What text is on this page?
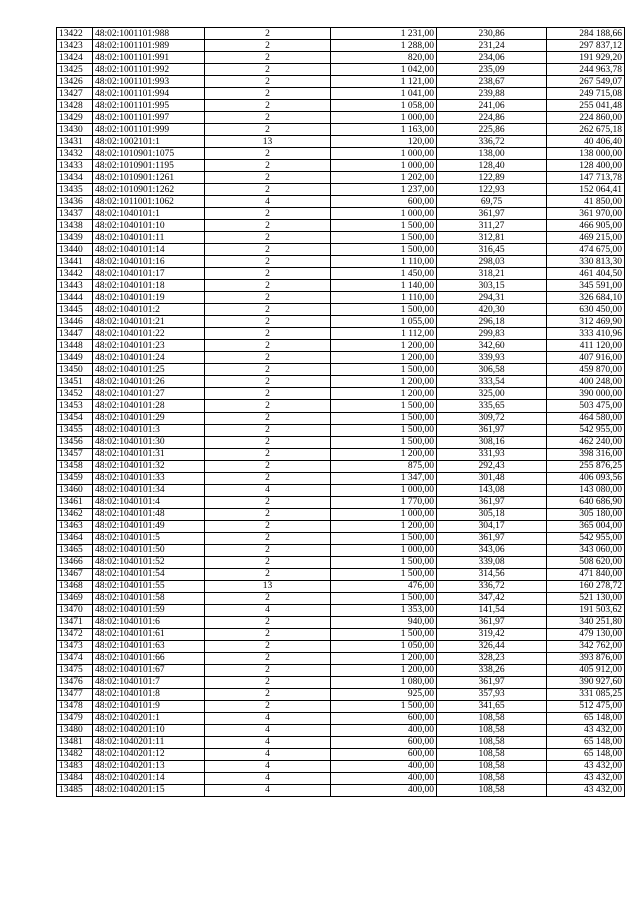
13422	48:02:1001101:988	2	1 231,00	230,86	284 188,66
13423	48:02:1001101:989	2	1 288,00	231,24	297 837,12
13424	48:02:1001101:991	2	820,00	234,06	191 929,20
13425	48:02:1001101:992	2	1 042,00	235,09	244 963,78
13426	48:02:1001101:993	2	1 121,00	238,67	267 549,07
13427	48:02:1001101:994	2	1 041,00	239,88	249 715,08
13428	48:02:1001101:995	2	1 058,00	241,06	255 041,48
13429	48:02:1001101:997	2	1 000,00	224,86	224 860,00
13430	48:02:1001101:999	2	1 163,00	225,86	262 675,18
13431	48:02:1002101:1	13	120,00	336,72	40 406,40
13432	48:02:1010901:1075	2	1 000,00	138,00	138 000,00
13433	48:02:1010901:1195	2	1 000,00	128,40	128 400,00
13434	48:02:1010901:1261	2	1 202,00	122,89	147 713,78
13435	48:02:1010901:1262	2	1 237,00	122,93	152 064,41
13436	48:02:1011001:1062	4	600,00	69,75	41 850,00
13437	48:02:1040101:1	2	1 000,00	361,97	361 970,00
13438	48:02:1040101:10	2	1 500,00	311,27	466 905,00
13439	48:02:1040101:11	2	1 500,00	312,81	469 215,00
13440	48:02:1040101:14	2	1 500,00	316,45	474 675,00
13441	48:02:1040101:16	2	1 110,00	298,03	330 813,30
13442	48:02:1040101:17	2	1 450,00	318,21	461 404,50
13443	48:02:1040101:18	2	1 140,00	303,15	345 591,00
13444	48:02:1040101:19	2	1 110,00	294,31	326 684,10
13445	48:02:1040101:2	2	1 500,00	420,30	630 450,00
13446	48:02:1040101:21	2	1 055,00	296,18	312 469,90
13447	48:02:1040101:22	2	1 112,00	299,83	333 410,96
13448	48:02:1040101:23	2	1 200,00	342,60	411 120,00
13449	48:02:1040101:24	2	1 200,00	339,93	407 916,00
13450	48:02:1040101:25	2	1 500,00	306,58	459 870,00
13451	48:02:1040101:26	2	1 200,00	333,54	400 248,00
13452	48:02:1040101:27	2	1 200,00	325,00	390 000,00
13453	48:02:1040101:28	2	1 500,00	335,65	503 475,00
13454	48:02:1040101:29	2	1 500,00	309,72	464 580,00
13455	48:02:1040101:3	2	1 500,00	361,97	542 955,00
13456	48:02:1040101:30	2	1 500,00	308,16	462 240,00
13457	48:02:1040101:31	2	1 200,00	331,93	398 316,00
13458	48:02:1040101:32	2	875,00	292,43	255 876,25
13459	48:02:1040101:33	2	1 347,00	301,48	406 093,56
13460	48:02:1040101:34	4	1 000,00	143,08	143 080,00
13461	48:02:1040101:4	2	1 770,00	361,97	640 686,90
13462	48:02:1040101:48	2	1 000,00	305,18	305 180,00
13463	48:02:1040101:49	2	1 200,00	304,17	365 004,00
13464	48:02:1040101:5	2	1 500,00	361,97	542 955,00
13465	48:02:1040101:50	2	1 000,00	343,06	343 060,00
13466	48:02:1040101:52	2	1 500,00	339,08	508 620,00
13467	48:02:1040101:54	2	1 500,00	314,56	471 840,00
13468	48:02:1040101:55	13	476,00	336,72	160 278,72
13469	48:02:1040101:58	2	1 500,00	347,42	521 130,00
13470	48:02:1040101:59	4	1 353,00	141,54	191 503,62
13471	48:02:1040101:6	2	940,00	361,97	340 251,80
13472	48:02:1040101:61	2	1 500,00	319,42	479 130,00
13473	48:02:1040101:63	2	1 050,00	326,44	342 762,00
13474	48:02:1040101:66	2	1 200,00	328,23	393 876,00
13475	48:02:1040101:67	2	1 200,00	338,26	405 912,00
13476	48:02:1040101:7	2	1 080,00	361,97	390 927,60
13477	48:02:1040101:8	2	925,00	357,93	331 085,25
13478	48:02:1040101:9	2	1 500,00	341,65	512 475,00
13479	48:02:1040201:1	4	600,00	108,58	65 148,00
13480	48:02:1040201:10	4	400,00	108,58	43 432,00
13481	48:02:1040201:11	4	600,00	108,58	65 148,00
13482	48:02:1040201:12	4	600,00	108,58	65 148,00
13483	48:02:1040201:13	4	400,00	108,58	43 432,00
13484	48:02:1040201:14	4	400,00	108,58	43 432,00
13485	48:02:1040201:15	4	400,00	108,58	43 432,00
